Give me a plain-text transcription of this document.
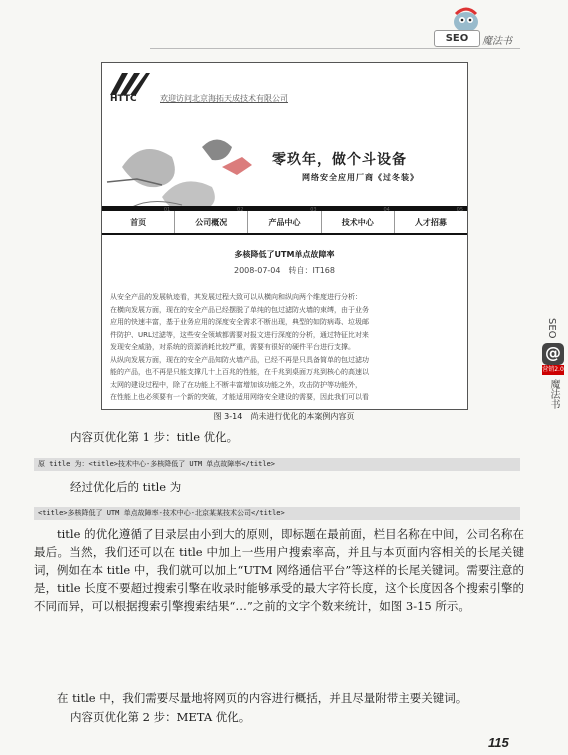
SEO	魔法书
SEO
@
营销2.0
魔法书
HTTC	欢迎访问北京海拓天成技术有限公司
零玖年，做个斗设备
网络安全应用厂商《过冬装》
01
首页
02
公司概况
03
产品中心
04
技术中心
05
人才招募
多核降低了UTM单点故障率
2008-07-04　转自：IT168
从安全产品的发展轨迹看，其发展过程大致可以从横向和纵向两个维度进行分析：
在横向发展方面，现在的安全产品已经摆脱了单纯的包过滤防火墙的束缚，由于业务
应用的快速丰富，基于业务应用的深度安全需求不断出现，典型的如防病毒、垃圾邮
件防护、URL过滤等，这些安全领域都需要对报文进行深度的分析，通过特征比对来
发现安全威胁，对系统的资源消耗比较严重，需要有很好的硬件平台进行支撑。
从纵向发展方面，现在的安全产品知防火墙产品，已经不再是只具备简单的包过滤功
能的产品，也不再是只能支撑几十上百兆的性能，在千兆到桌面万兆到核心的高速以
太网的建设过程中，除了在功能上不断丰富增加该功能之外，攻击防护等功能外，
在性能上也必须要有一个新的突破，才能适用网络安全建设的需要，因此我们可以看
图 3-14　尚未进行优化的本案例内容页
内容页优化第 1 步：title 优化。
原 title 为：<title>技术中心-多核降低了 UTM 单点故障率</title>
经过优化后的 title 为
<title>多核降低了 UTM 单点故障率-技术中心-北京某某技术公司</title>
title 的优化遵循了目录层由小到大的原则，即标题在最前面，栏目名称在中间，公司名称在最后。当然，我们还可以在 title 中加上一些用户搜索率高，并且与本页面内容相关的长尾关键词，例如在本 title 中，我们就可以加上“UTM 网络通信平台”等这样的长尾关键词。需要注意的是，title 长度不要超过搜索引擎在收录时能够承受的最大字符长度，这个长度因各个搜索引擎的不同而异，可以根据搜索引擎搜索结果“…”之前的文字个数来统计，如图 3-15 所示。
在 title 中，我们需要尽量地将网页的内容进行概括，并且尽量附带主要关键词。
内容页优化第 2 步：META 优化。
115
